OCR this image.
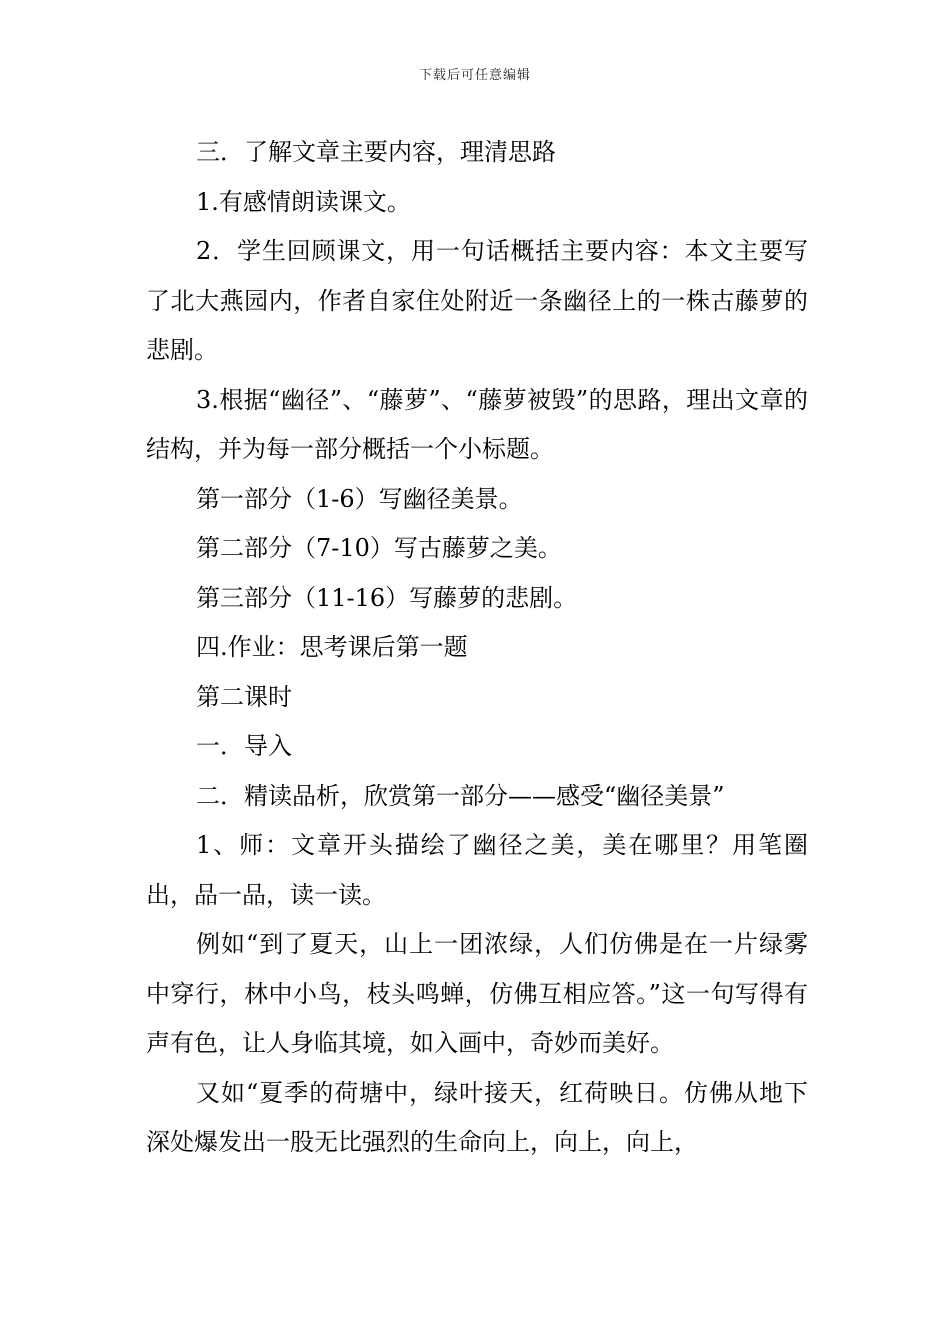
下载后可任意编辑

三．了解文章主要内容，理清思路

1.有感情朗读课文。

2．学生回顾课文，用一句话概括主要内容：本文主要写了北大燕园内，作者自家住处附近一条幽径上的一株古藤萝的悲剧。

3.根据“幽径”、“藤萝”、“藤萝被毁”的思路，理出文章的结构，并为每一部分概括一个小标题。

第一部分（1-6）写幽径美景。

第二部分（7-10）写古藤萝之美。

第三部分（11-16）写藤萝的悲剧。

四.作业：思考课后第一题

第二课时

一．导入

二．精读品析，欣赏第一部分——感受“幽径美景”

1、师：文章开头描绘了幽径之美，美在哪里？用笔圈出，品一品，读一读。

例如“到了夏天，山上一团浓绿，人们仿佛是在一片绿雾中穿行，林中小鸟，枝头鸣蝉，仿佛互相应答。”这一句写得有声有色，让人身临其境，如入画中，奇妙而美好。

又如“夏季的荷塘中，绿叶接天，红荷映日。仿佛从地下深处爆发出一股无比强烈的生命向上，向上，向上，
